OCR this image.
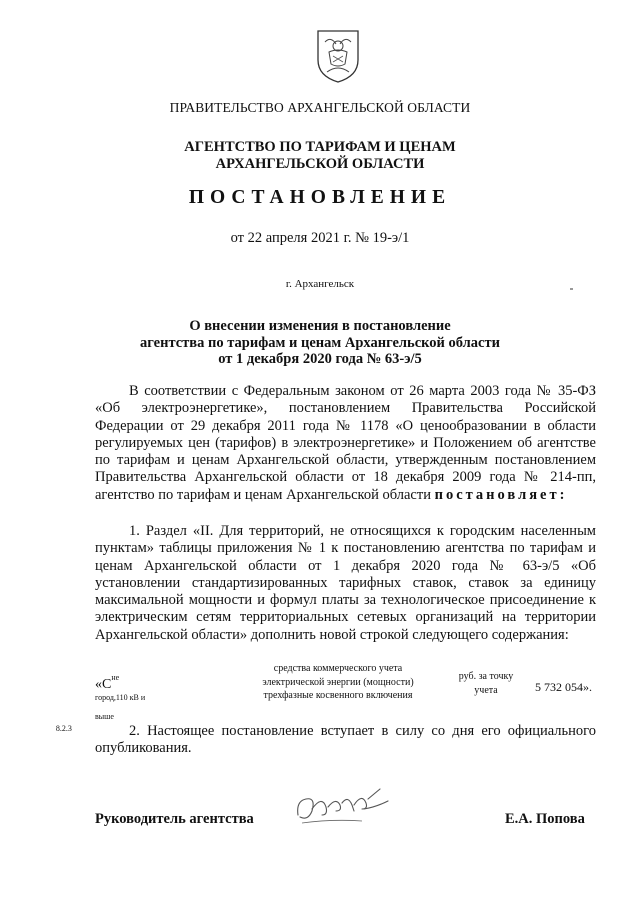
ПРАВИТЕЛЬСТВО АРХАНГЕЛЬСКОЙ ОБЛАСТИ
АГЕНТСТВО ПО ТАРИФАМ И ЦЕНАМ
АРХАНГЕЛЬСКОЙ ОБЛАСТИ
ПОСТАНОВЛЕНИЕ
от 22 апреля 2021 г. № 19-э/1
г. Архангельск
О внесении изменения в постановление
агентства по тарифам и ценам Архангельской области
от 1 декабря 2020 года № 63-э/5
В соответствии с Федеральным законом от 26 марта 2003 года № 35-ФЗ «Об электроэнергетике», постановлением Правительства Российской Федерации от 29 декабря 2011 года № 1178 «О ценообразовании в области регулируемых цен (тарифов) в электроэнергетике» и Положением об агентстве по тарифам и ценам Архангельской области, утвержденным постановлением Правительства Архангельской области от 18 декабря 2009 года № 214-пп, агентство по тарифам и ценам Архангельской области постановляет:
1. Раздел «II. Для территорий, не относящихся к городским населенным пунктам» таблицы приложения № 1 к постановлению агентства по тарифам и ценам Архангельской области от 1 декабря 2020 года № 63-э/5 «Об установлении стандартизированных тарифных ставок, ставок за единицу максимальной мощности и формул платы за технологическое присоединение к электрическим сетям территориальных сетевых организаций на территории Архангельской области» дополнить новой строкой следующего содержания:
«$С^{не город,110 кВ и выше}_{8.2.3}$
средства коммерческого учета
электрической энергии (мощности)
трехфазные косвенного включения
руб. за точку
учета	5 732 054».
2. Настоящее постановление вступает в силу со дня его официального опубликования.
Руководитель агентства	Е.А. Попова
